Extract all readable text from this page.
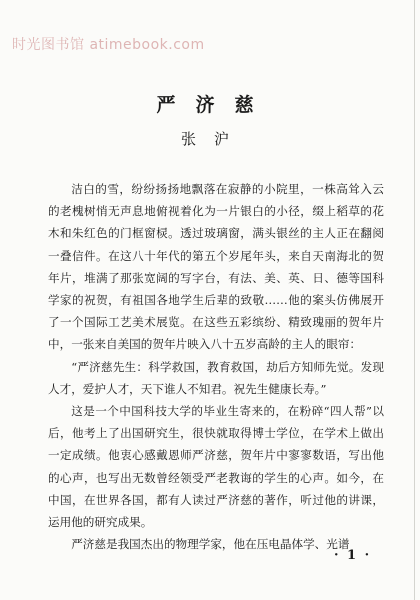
时光图书馆 atimebook.com
严济慈
张沪

洁白的雪，纷纷扬扬地飘落在寂静的小院里，一株高耸入云的老槐树悄无声息地俯视着化为一片银白的小径，缀上稻草的花木和朱红色的门框窗棂。透过玻璃窗，满头银丝的主人正在翻阅一叠信件。在这八十年代的第五个岁尾年头，来自天南海北的贺年片，堆满了那张宽阔的写字台，有法、美、英、日、德等国科学家的祝贺，有祖国各地学生后辈的致敬……他的案头仿佛展开了一个国际工艺美术展览。在这些五彩缤纷、精致瑰丽的贺年片中，一张来自美国的贺年片映入八十五岁高龄的主人的眼帘：

“严济慈先生：科学救国，教育救国，劫后方知师先觉。发现人才，爱护人才，天下谁人不知君。祝先生健康长寿。”

这是一个中国科技大学的毕业生寄来的，在粉碎“四人帮”以后，他考上了出国研究生，很快就取得博士学位，在学术上做出一定成绩。他衷心感戴恩师严济慈，贺年片中寥寥数语，写出他的心声，也写出无数曾经领受严老教诲的学生的心声。如今，在中国，在世界各国，都有人读过严济慈的著作，听过他的讲课，运用他的研究成果。

严济慈是我国杰出的物理学家，他在压电晶体学、光谱

· 1 ·
